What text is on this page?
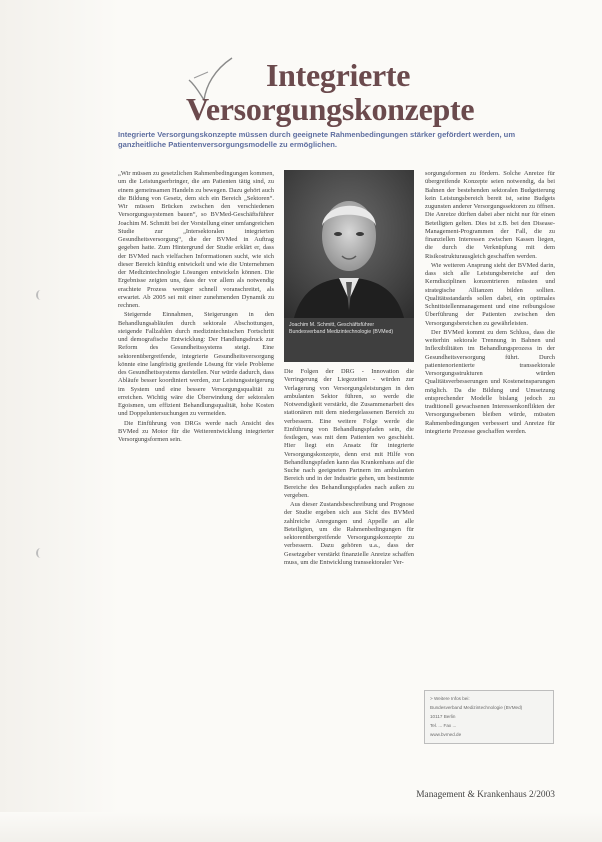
Integrierte
Versorgungskonzepte
Integrierte Versorgungskonzepte müssen durch geeignete Rahmenbedingungen stärker gefördert werden, um ganzheitliche Patientenversorgungsmodelle zu ermöglichen.

„Wir müssen zu gesetzlichen Rahmenbedingungen kommen, um die Leistungserbringer, die am Patienten tätig sind, zu einem gemeinsamen Handeln zu bewegen. Dazu gehört auch die Bildung von Gesetz, dem sich ein Bereich „Sektoren“. Wir müssen Brücken zwischen den verschiedenen Versorgungssystemen bauen“, so BVMed-Geschäftsführer Joachim M. Schmitt bei der Vorstellung einer umfangreichen Studie zur „Intersektoralen integrierten Gesundheitsversorgung“, die der BVMed in Auftrag gegeben hatte. Zum Hintergrund der Studie erklärt er, dass der BVMed nach vielfachen Informationen sucht, wie sich dieser Bereich künftig entwickelt und wie die Unternehmen der Medizintechnologie Lösungen entwickeln können. Die Ergebnisse zeigten uns, dass der vor allem als notwendig erachtete Prozess weniger schnell voranschreitet, als erwartet. Ab 2005 sei mit einer zunehmenden Dynamik zu rechnen.

Steigernde Einnahmen, Steigerungen in den Behandlungsabläufen durch sektorale Abschottungen, steigende Fallzahlen durch medizintechnischen Fortschritt und demografische Entwicklung: Der Handlungsdruck zur Reform des Gesundheitssystems steigt. Eine sektorenübergreifende, integrierte Gesundheitsversorgung könnte eine langfristig greifende Lösung für viele Probleme des Gesundheitssystems darstellen. Nur würde dadurch, dass Abläufe besser koordiniert werden, zur Leistungssteigerung im System und eine bessere Versorgungsqualität zu erreichen. Wichtig wäre die Überwindung der sektoralen Egoismen, um effizient Behandlungsqualität, hohe Kosten und Doppeluntersuchungen zu vermeiden.

Die Einführung von DRGs werde nach Ansicht des BVMed zu Motor für die Weiterentwicklung integrierter Versorgungsformen sein.

Joachim M. Schmitt, Geschäftsführer Bundesverband Medizintechnologie (BVMed)

Die Folgen der DRG - Innovation die Verringerung der Liegezeiten - würden zur Verlagerung von Versorgungsleistungen in den ambulanten Sektor führen, so werde die Notwendigkeit verstärkt, die Zusammenarbeit des stationären mit dem niedergelassenen Bereich zu verbessern. Eine weitere Folge werde die Einführung von Behandlungspfaden sein, die festlegen, was mit dem Patienten wo geschieht. Hier liegt ein Ansatz für integrierte Versorgungskonzepte, denn erst mit Hilfe von Behandlungspfaden kann das Krankenhaus auf die Suche nach geeigneten Partnern im ambulanten Bereich und in der Industrie gehen, um bestimmte Bereiche des Behandlungspfades nach außen zu vergeben.

Aus dieser Zustandsbeschreibung und Prognose der Studie ergeben sich aus Sicht des BVMed zahlreiche Anregungen und Appelle an alle Beteiligten, um die Rahmenbedingungen für sektorenübergreifende Versorgungskonzepte zu verbessern. Dazu gehören u.a., dass der Gesetzgeber verstärkt finanzielle Anreize schaffen muss, um die Entwicklung transsektoraler Ver-

sorgungsformen zu fördern. Solche Anreize für übergreifende Konzepte seien notwendig, da bei Bahnen der bestehenden sektoralen Budgetierung kein Leistungsbereich bereit ist, seine Budgets zugunsten anderer Versorgungssektoren zu öffnen. Die Anreize dürften dabei aber nicht nur für einen Beteiligten gelten. Dies ist z.B. bei den Disease-Management-Programmen der Fall, die zu finanziellen Interessen zwischen Kassen liegen, die durch die Verknüpfung mit dem Risikostrukturausgleich geschaffen werden.

Wie weiteren Ansprung sieht der BVMed darin, dass sich alle Leistungsbereiche auf den Kerndisziplinen konzentrieren müssten und strategische Allianzen bilden sollten. Qualitätsstandards sollen dabei, ein optimales Schnittstellenmanagement und eine reibungslose Überführung der Patienten zwischen den Versorgungsbereichen zu gewährleisten.

Der BVMed kommt zu dem Schluss, dass die weiterhin sektorale Trennung in Bahnen und Inflexibilitäten im Behandlungsprozess in der Gesundheitsversorgung führt. Durch patientenorientierte transsektorale Versorgungsstrukturen würden Qualitätsverbesserungen und Kosteneinsparungen möglich. Da die Bildung und Umsetzung entsprechender Modelle bislang jedoch zu traditionell gewachsenen Interessenkonflikten der Versorgungsebenen bleiben würde, müssten Rahmenbedingungen verbessert und Anreize für integrierte Prozesse geschaffen werden.

> Weitere Infos bei:
Bundesverband Medizintechnologie (BVMed)
10117 Berlin
Tel. ... Fax ...
www.bvmed.de
Management & Krankenhaus 2/2003
